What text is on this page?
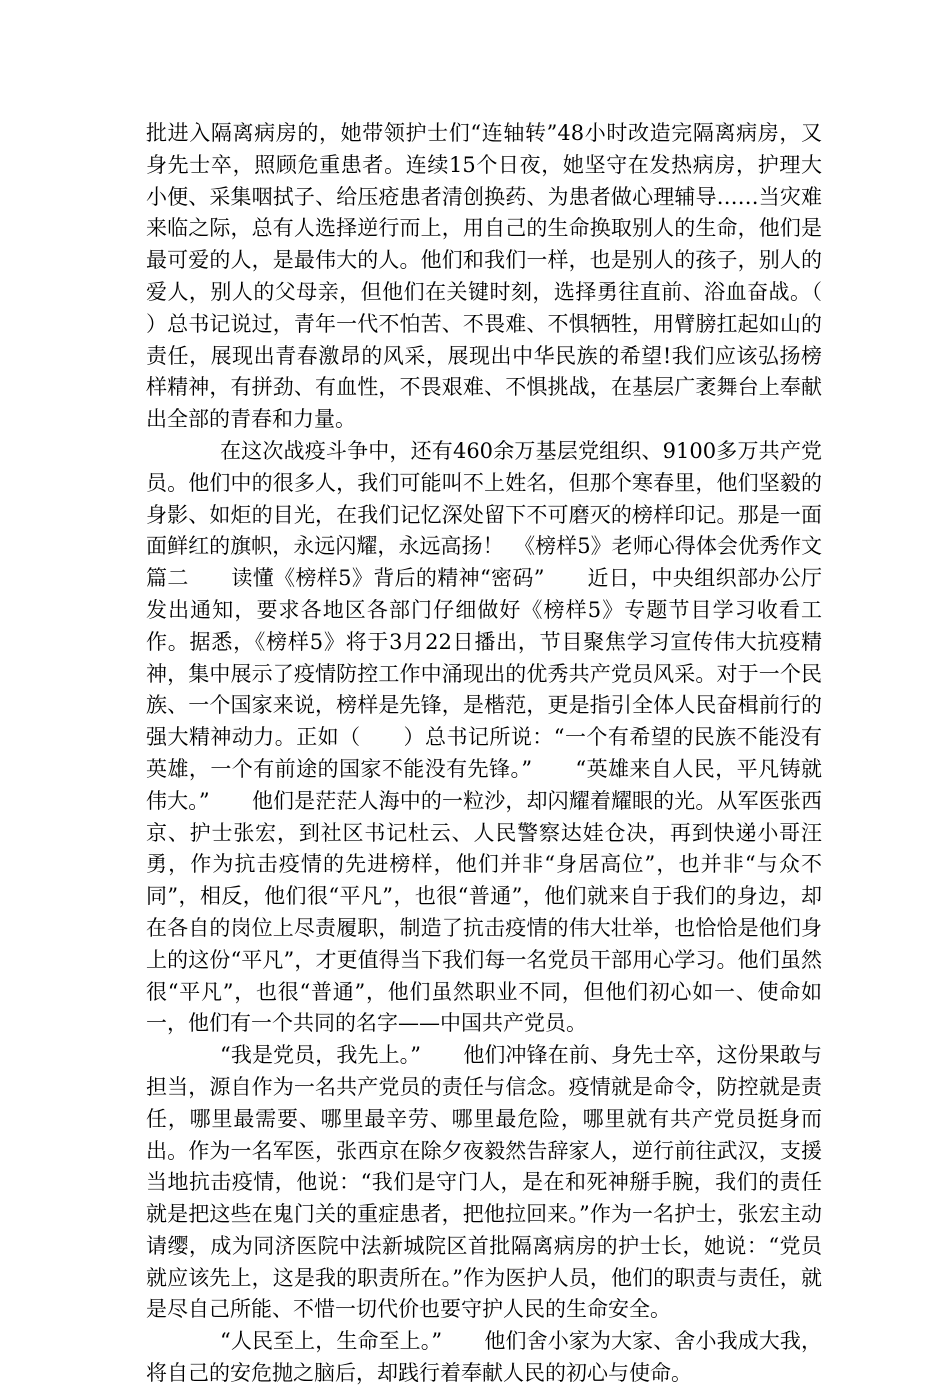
批进入隔离病房的，她带领护士们“连轴转”48小时改造完隔离病房，又身先士卒，照顾危重患者。连续15个日夜，她坚守在发热病房，护理大小便、采集咽拭子、给压疮患者清创换药、为患者做心理辅导……当灾难来临之际，总有人选择逆行而上，用自己的生命换取别人的生命，他们是最可爱的人，是最伟大的人。他们和我们一样，也是别人的孩子，别人的爱人，别人的父母亲，但他们在关键时刻，选择勇往直前、浴血奋战。（　　）总书记说过，青年一代不怕苦、不畏难、不惧牺牲，用臂膀扛起如山的责任，展现出青春激昂的风采，展现出中华民族的希望!我们应该弘扬榜样精神，有拼劲、有血性，不畏艰难、不惧挑战，在基层广袤舞台上奉献出全部的青春和力量。

在这次战疫斗争中，还有460余万基层党组织、9100多万共产党员。他们中的很多人，我们可能叫不上姓名，但那个寒春里，他们坚毅的身影、如炬的目光，在我们记忆深处留下不可磨灭的榜样印记。那是一面面鲜红的旗帜，永远闪耀，永远高扬！　《榜样5》老师心得体会优秀作文篇二　　读懂《榜样5》背后的精神“密码”　　近日，中央组织部办公厅发出通知，要求各地区各部门仔细做好《榜样5》专题节目学习收看工作。据悉，《榜样5》将于3月22日播出，节目聚焦学习宣传伟大抗疫精神，集中展示了疫情防控工作中涌现出的优秀共产党员风采。对于一个民族、一个国家来说，榜样是先锋，是楷范，更是指引全体人民奋楫前行的强大精神动力。正如（　　）总书记所说：“一个有希望的民族不能没有英雄，一个有前途的国家不能没有先锋。”　　“英雄来自人民，平凡铸就伟大。”　　他们是茫茫人海中的一粒沙，却闪耀着耀眼的光。从军医张西京、护士张宏，到社区书记杜云、人民警察达娃仓决，再到快递小哥汪勇，作为抗击疫情的先进榜样，他们并非“身居高位”，也并非“与众不同”，相反，他们很“平凡”，也很“普通”，他们就来自于我们的身边，却在各自的岗位上尽责履职，制造了抗击疫情的伟大壮举，也恰恰是他们身上的这份“平凡”，才更值得当下我们每一名党员干部用心学习。他们虽然很“平凡”，也很“普通”，他们虽然职业不同，但他们初心如一、使命如一，他们有一个共同的名字——中国共产党员。

“我是党员，我先上。”　　他们冲锋在前、身先士卒，这份果敢与担当，源自作为一名共产党员的责任与信念。疫情就是命令，防控就是责任，哪里最需要、哪里最辛劳、哪里最危险，哪里就有共产党员挺身而出。作为一名军医，张西京在除夕夜毅然告辞家人，逆行前往武汉，支援当地抗击疫情，他说：“我们是守门人，是在和死神掰手腕，我们的责任就是把这些在鬼门关的重症患者，把他拉回来。”作为一名护士，张宏主动请缨，成为同济医院中法新城院区首批隔离病房的护士长，她说：“党员就应该先上，这是我的职责所在。”作为医护人员，他们的职责与责任，就是尽自己所能、不惜一切代价也要守护人民的生命安全。

“人民至上，生命至上。”　　他们舍小家为大家、舍小我成大我，将自己的安危抛之脑后，却践行着奉献人民的初心与使命。
